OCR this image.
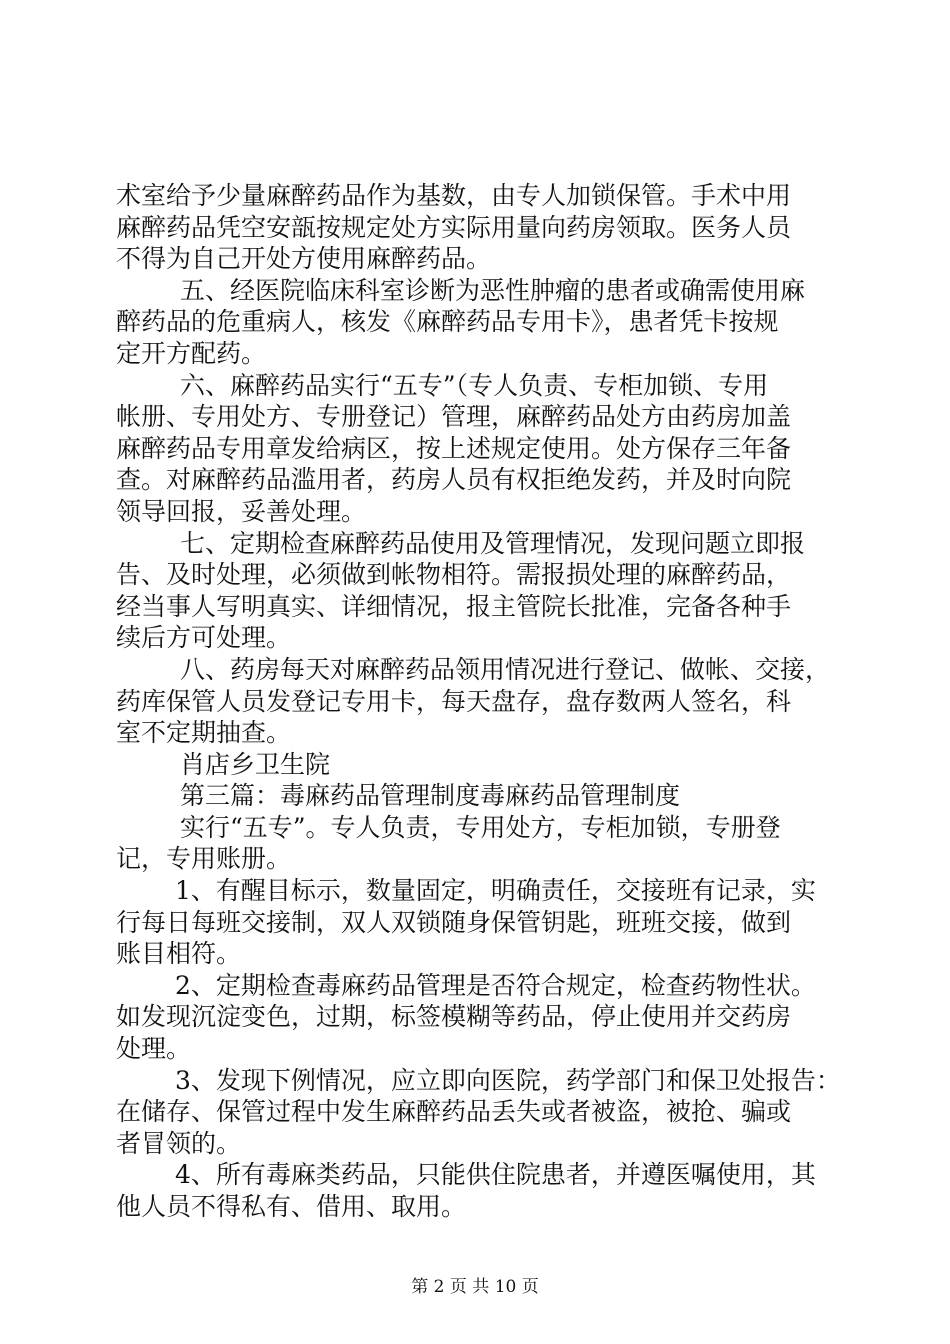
术室给予少量麻醉药品作为基数，由专人加锁保管。手术中用
麻醉药品凭空安瓿按规定处方实际用量向药房领取。医务人员
不得为自己开处方使用麻醉药品。
五、经医院临床科室诊断为恶性肿瘤的患者或确需使用麻
醉药品的危重病人，核发《麻醉药品专用卡》，患者凭卡按规
定开方配药。
六、麻醉药品实行“五专”（专人负责、专柜加锁、专用
帐册、专用处方、专册登记）管理，麻醉药品处方由药房加盖
麻醉药品专用章发给病区，按上述规定使用。处方保存三年备
查。对麻醉药品滥用者，药房人员有权拒绝发药，并及时向院
领导回报，妥善处理。
七、定期检查麻醉药品使用及管理情况，发现问题立即报
告、及时处理，必须做到帐物相符。需报损处理的麻醉药品，
经当事人写明真实、详细情况，报主管院长批准，完备各种手
续后方可处理。
八、药房每天对麻醉药品领用情况进行登记、做帐、交接，
药库保管人员发登记专用卡，每天盘存，盘存数两人签名，科
室不定期抽查。
肖店乡卫生院
第三篇：毒麻药品管理制度毒麻药品管理制度
实行“五专”。专人负责，专用处方，专柜加锁，专册登
记，专用账册。
1、有醒目标示，数量固定，明确责任，交接班有记录，实
行每日每班交接制，双人双锁随身保管钥匙，班班交接，做到
账目相符。
2、定期检查毒麻药品管理是否符合规定，检查药物性状。
如发现沉淀变色，过期，标签模糊等药品，停止使用并交药房
处理。
3、发现下例情况，应立即向医院，药学部门和保卫处报告：
在储存、保管过程中发生麻醉药品丢失或者被盗，被抢、骗或
者冒领的。
4、所有毒麻类药品，只能供住院患者，并遵医嘱使用，其
他人员不得私有、借用、取用。
第 2 页 共 10 页
